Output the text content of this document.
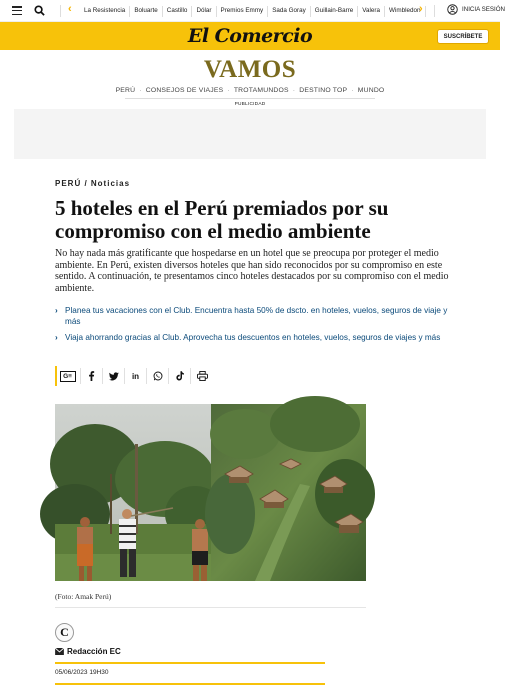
‹	La Resistencia	Boluarte	Castillo	Dólar	Premios Emmy	Sada Goray	Guillain-Barre	Valera	Wimbledon
›	INICIA SESIÓN
El Comercio	SUSCRÍBETE
VAMOS
PERÚ · CONSEJOS DE VIAJES · TROTAMUNDOS · DESTINO TOP · MUNDO
PUBLICIDAD
PERÚ / Noticias
5 hoteles en el Perú premiados por su compromiso con el medio ambiente

No hay nada más gratificante que hospedarse en un hotel que se preocupa por proteger el medio ambiente. En Perú, existen diversos hoteles que han sido reconocidos por su compromiso en este sentido. A continuación, te presentamos cinco hoteles destacados por su compromiso con el medio ambiente.

› Planea tus vacaciones con el Club. Encuentra hasta 50% de dscto. en hoteles, vuelos, seguros de viaje y más
› Viaja ahorrando gracias al Club. Aprovecha tus descuentos en hoteles, vuelos, seguros de viajes y más
G≡	in
(Foto: Amak Perú)
C
Redacción EC
05/06/2023 19H30
